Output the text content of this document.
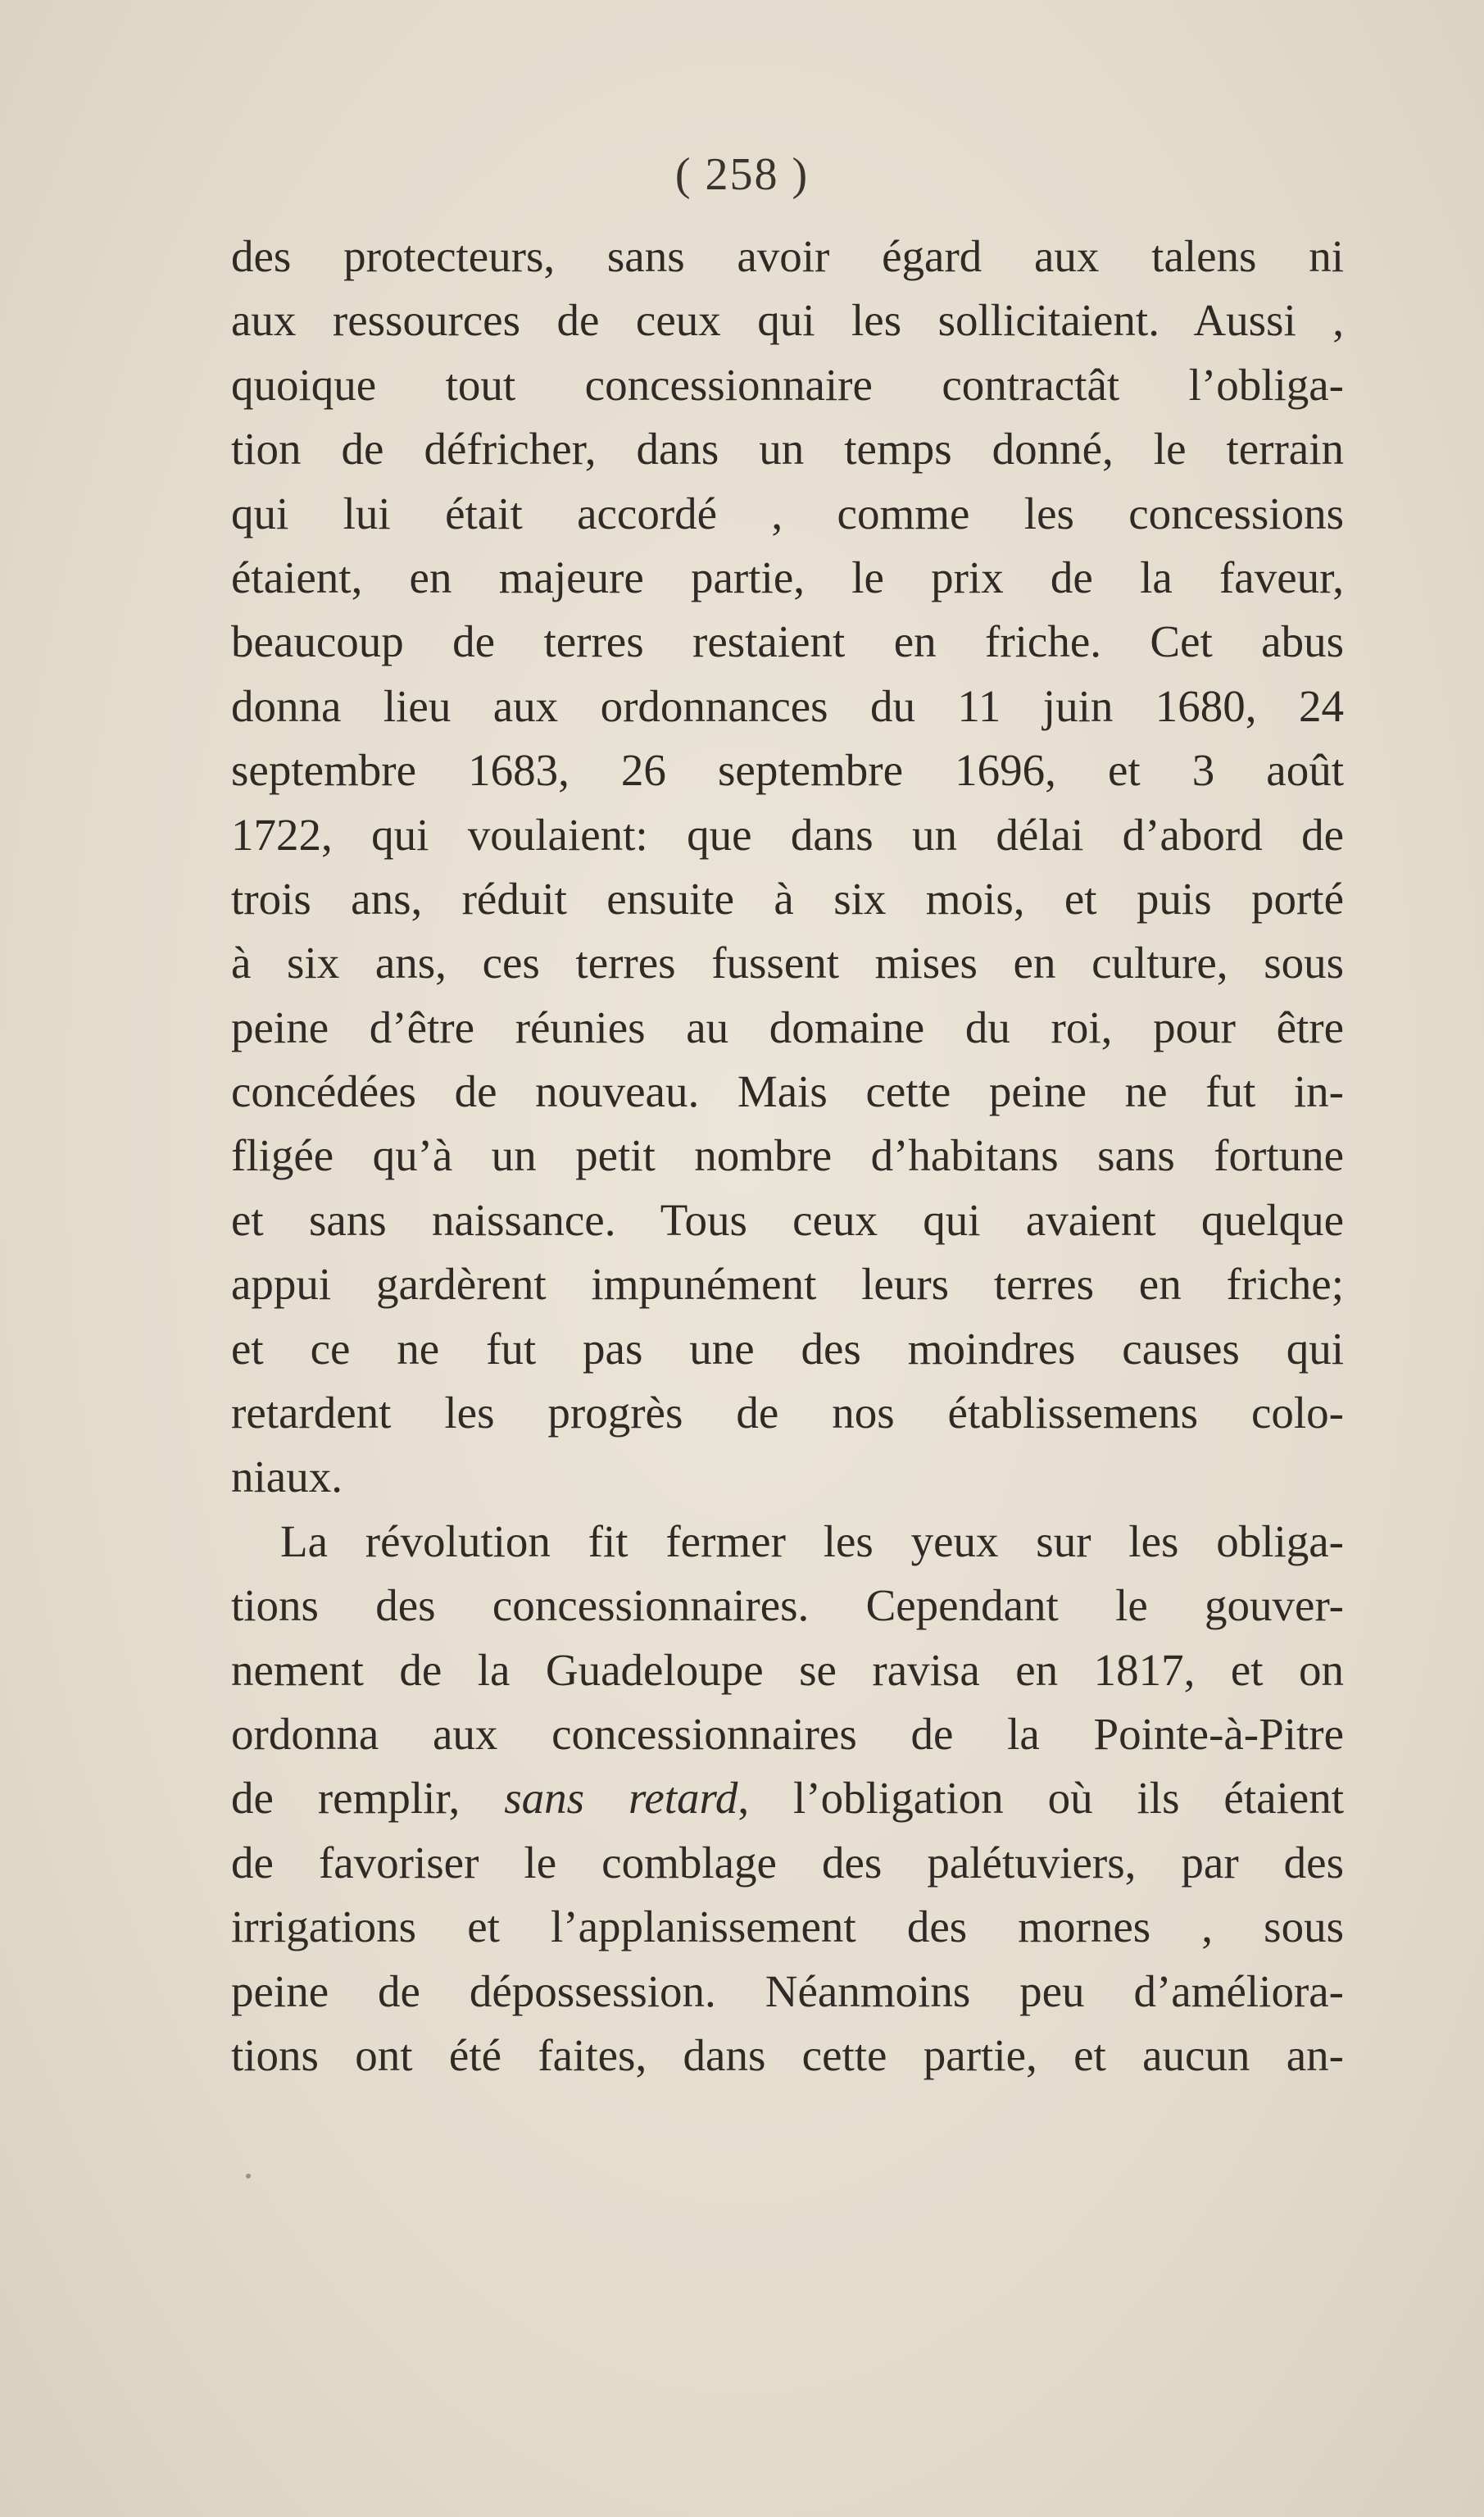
( 258 )
des protecteurs, sans avoir égard aux talens ni
aux ressources de ceux qui les sollicitaient. Aussi ,
quoique tout concessionnaire contractât l’obliga-
tion de défricher, dans un temps donné, le terrain
qui lui était accordé , comme les concessions
étaient, en majeure partie, le prix de la faveur,
beaucoup de terres restaient en friche. Cet abus
donna lieu aux ordonnances du 11 juin 1680, 24
septembre 1683, 26 septembre 1696, et 3 août
1722, qui voulaient: que dans un délai d’abord de
trois ans, réduit ensuite à six mois, et puis porté
à six ans, ces terres fussent mises en culture, sous
peine d’être réunies au domaine du roi, pour être
concédées de nouveau. Mais cette peine ne fut in-
fligée qu’à un petit nombre d’habitans sans fortune
et sans naissance. Tous ceux qui avaient quelque
appui gardèrent impunément leurs terres en friche;
et ce ne fut pas une des moindres causes qui
retardent les progrès de nos établissemens colo-
niaux.
La révolution fit fermer les yeux sur les obliga-
tions des concessionnaires. Cependant le gouver-
nement de la Guadeloupe se ravisa en 1817, et on
ordonna aux concessionnaires de la Pointe-à-Pitre
de remplir, sans retard, l’obligation où ils étaient
de favoriser le comblage des palétuviers, par des
irrigations et l’applanissement des mornes , sous
peine de dépossession. Néanmoins peu d’améliora-
tions ont été faites, dans cette partie, et aucun an-
